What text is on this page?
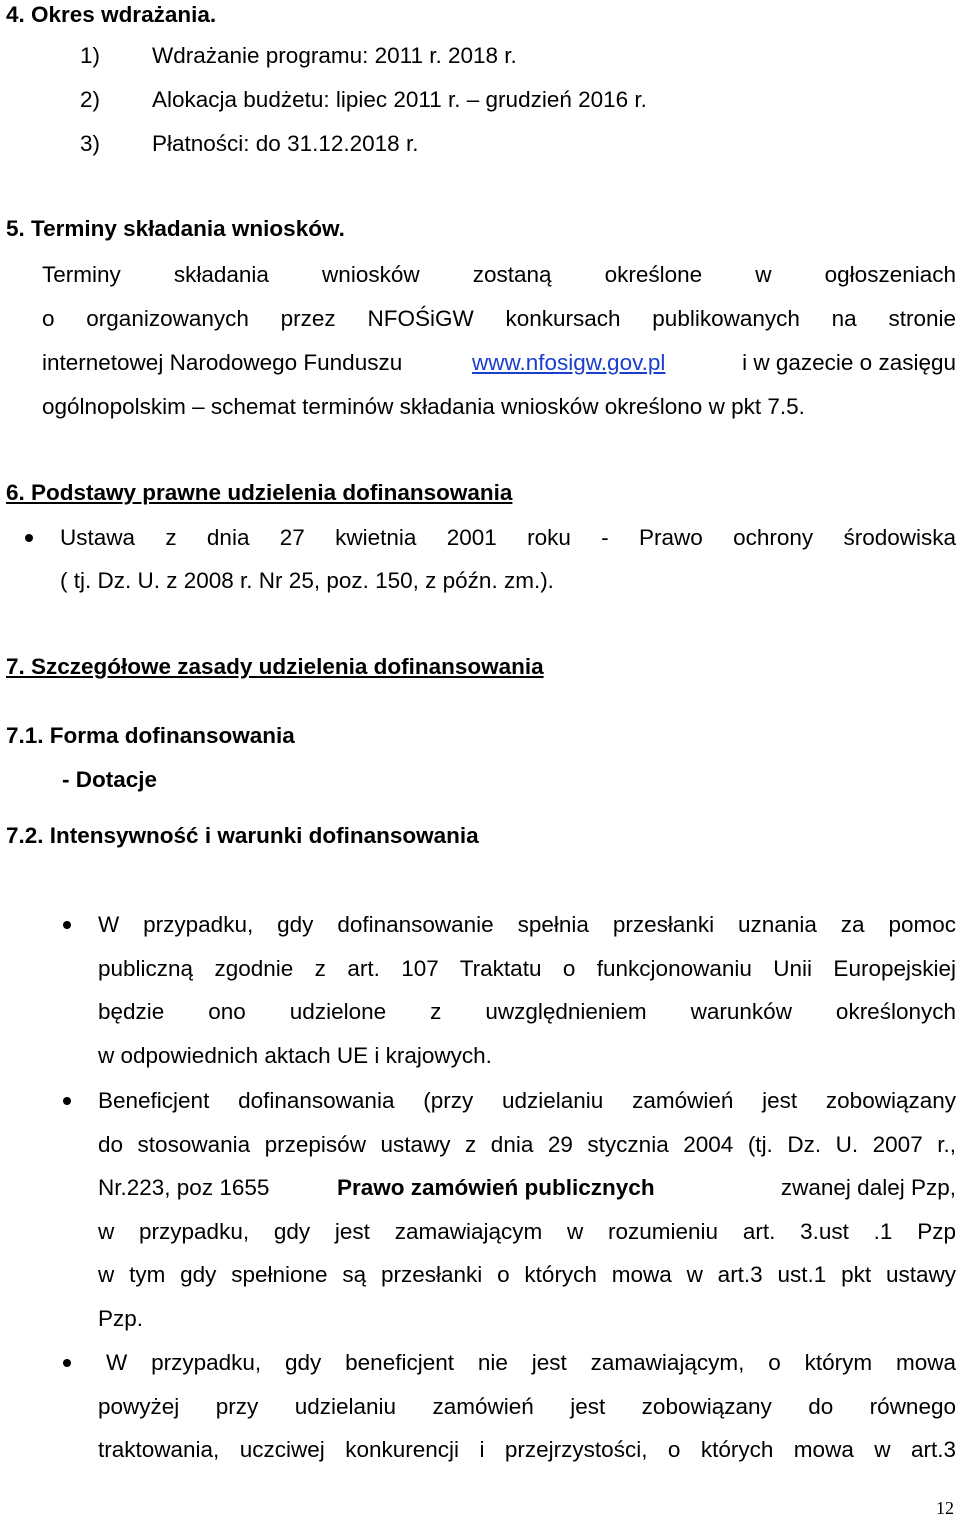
4. Okres wdrażania.
1) Wdrażanie programu: 2011 r. 2018 r.
2) Alokacja budżetu: lipiec 2011 r. – grudzień 2016 r.
3) Płatności: do 31.12.2018 r.
5. Terminy składania wniosków.
Terminy składania wniosków zostaną określone w ogłoszeniach
o organizowanych przez NFOŚiGW konkursach publikowanych na stronie
internetowej Narodowego Funduszu	www.nfosigw.gov.pl	i w gazecie o zasięgu
ogólnopolskim – schemat terminów składania wniosków określono w pkt 7.5.
6. Podstawy prawne udzielenia dofinansowania
Ustawa z dnia 27 kwietnia 2001 roku - Prawo ochrony środowiska
( tj. Dz. U. z 2008 r. Nr 25, poz. 150, z późn. zm.).
7. Szczegółowe zasady udzielenia dofinansowania
7.1. Forma dofinansowania
- Dotacje
7.2. Intensywność i warunki dofinansowania
W przypadku, gdy dofinansowanie spełnia przesłanki uznania za pomoc
publiczną zgodnie z art. 107 Traktatu o funkcjonowaniu Unii Europejskiej
będzie ono udzielone z uwzględnieniem warunków określonych
w odpowiednich aktach UE i krajowych.
Beneficjent dofinansowania (przy udzielaniu zamówień jest zobowiązany
do stosowania przepisów ustawy z dnia 29 stycznia 2004 (tj. Dz. U. 2007 r.,
Nr.223, poz 1655	Prawo zamówień publicznych	zwanej dalej Pzp,
w przypadku, gdy jest zamawiającym w rozumieniu art. 3.ust .1 Pzp
w tym gdy spełnione są przesłanki o których mowa w art.3 ust.1 pkt ustawy
Pzp.
W przypadku, gdy beneficjent nie jest zamawiającym, o którym mowa
powyżej przy udzielaniu zamówień jest zobowiązany do równego
traktowania, uczciwej konkurencji i przejrzystości, o których mowa w art.3
12
